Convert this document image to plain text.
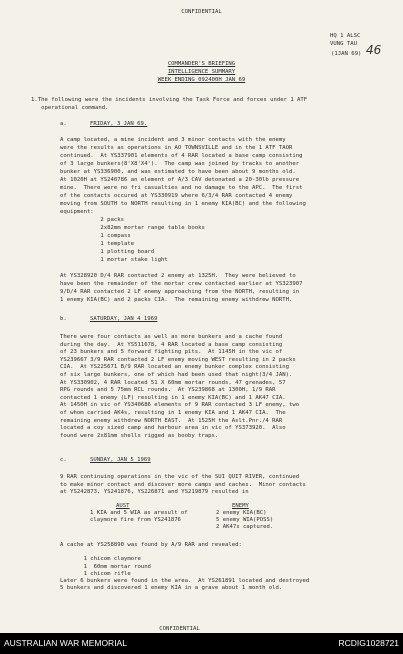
CONFIDENTIAL
HQ 1 ALSC
VUNG TAU
(1JAN 69) 46
COMMANDER'S BRIEFING
INTELLIGENCE SUMMARY
WEEK ENDING 092400H JAN 69
1.The following were the incidents involving the Task Force and forces under 1 ATF
operational command.
a.	FRIDAY, 3 JAN 69.
A camp located, a mine incident and 3 minor contacts with the enemy
were the results as operations in AO TOWNSVILLE and in the 1 ATF TAOR
continued.  At YS337901 elements of 4 RAR located a base camp consisting
of 3 large bunkers(8'X8'X4').  The camp was joined by tracks to another
bunker at YS336900, and was estimated to have been about 9 months old.
At 1020H at YS240786 an element of A/3 CAV detonated a 20-30lb pressure
mine.  There were no fri casualties and no damage to the APC.  The first
of the contacts occured at YS330919 where 6/3/4 RAR contacted 4 enemy
moving from SOUTH to NORTH resulting in 1 enemy KIA(BC) and the following
equipment:
2 packs
2x82mm mortar range table books
1 compass
1 template
1 plotting board
1 mortar stake light
At YS328920 D/4 RAR contacted 2 enemy at 1325H.  They were believed to
have been the remainder of the mortar crew contacted earlier at YS323907
9/D/4 RAR contacted 2 LF enemy approaching from the NORTH, resulting in
1 enemy KIA(BC) and 2 packs CIA.  The remaining enemy withdrew NORTH.
b.	SATURDAY, JAN 4 1969
There were four contacts as well as more bunkers and a cache found
during the day.  At YS511678, 4 RAR located a base camp consisting
of 23 bunkers and 5 forward fighting pits.  At 1145H in the vic of
YS239667 3/9 RAR contacted 2 LF enemy moving WEST resulting in 2 packs
CIA.  At YS225671 B/9 RAR located an enemy bunker complex consisting
of six large bunkers, one of which had been used that night(3/4 JAN).
At YS330902, 4 RAR located 51 X 60mm mortar rounds, 47 grenades, 57
RPG rounds and 5 75mm RCL rounds.  At YS239868 at 1300H, 1/9 RAR
contacted 1 enemy (LF) resulting in 1 enemy KIA(BC) and 1 AK47 CIA.
At 1450H in vic of YS340686 elements of 9 RAR contacted 3 LF enemy, two
of whom carried AK4s, resulting in 1 enemy KIA and 1 AK47 CIA.  The
remaining enemy withdrew NORTH EAST.  At 1525H the Aslt.Pnr./4 RAR
located a coy sized camp and harbour area in vic of YS373920.  Also
found were 2x81mm shells rigged as booby traps.
c.	SUNDAY, JAN 5 1969
9 RAR continuing operations in the vic of the SUI QUIT RIVER, continued
to make minor contact and discover more camps and caches.  Minor contacts
at YS242873, YS241876, YS226871 and YS219879 resulted in
AUST
1 KIA and 5 WIA as aresult of
claymore fire from YS241876
ENEMY
2 enemy KIA(BC)
5 enemy WIA(POSS)
2 AK47s captured.
A cache at YS258890 was found by A/9 RAR and revealed:
1 chicom claymore
1  60mm mortar round
1 chicom rifle
Later 6 bunkers were found in the area.  At YS261891 located and destroyed
5 bunkers and discovered 1 enemy KIA in a grave about 1 month old.
CONFIDENTIAL
AUSTRALIAN WAR MEMORIAL	RCDIG1028721
